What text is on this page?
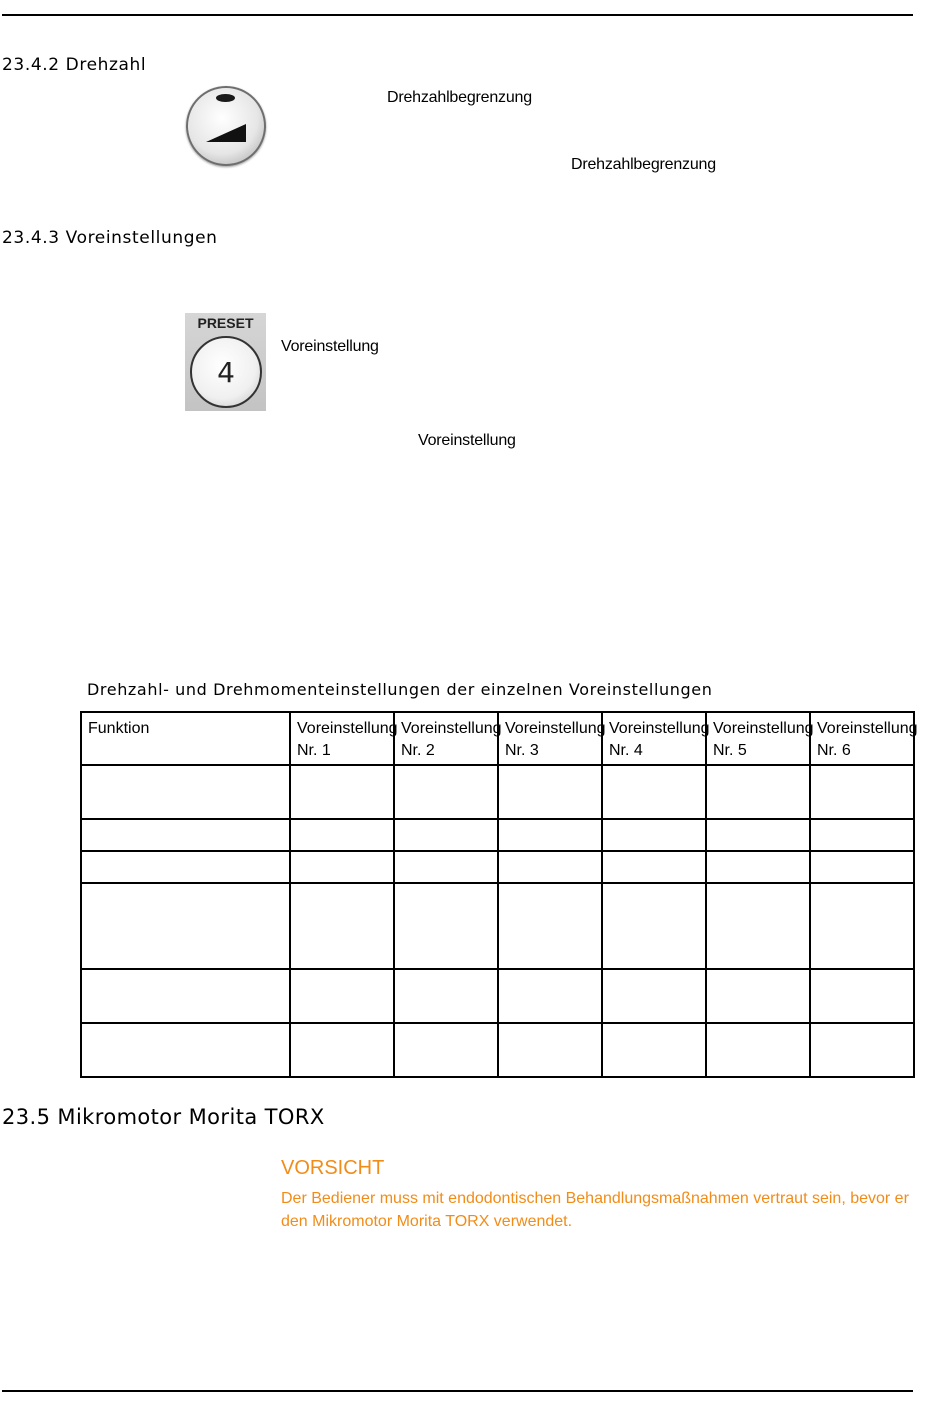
23.4.2 Drehzahl
Drehzahlbegrenzung
Drehzahlbegrenzung
23.4.3 Voreinstellungen
PRESET
4
Voreinstellung
Voreinstellung
Drehzahl- und Drehmomenteinstellungen der einzelnen Voreinstellungen
Funktion	Voreinstellung Nr. 1	Voreinstellung Nr. 2	Voreinstellung Nr. 3	Voreinstellung Nr. 4	Voreinstellung Nr. 5	Voreinstellung Nr. 6

23.5 Mikromotor Morita TORX
VORSICHT
Der Bediener muss mit endodontischen Behandlungsmaßnahmen vertraut sein, bevor er den Mikromotor Morita TORX verwendet.
